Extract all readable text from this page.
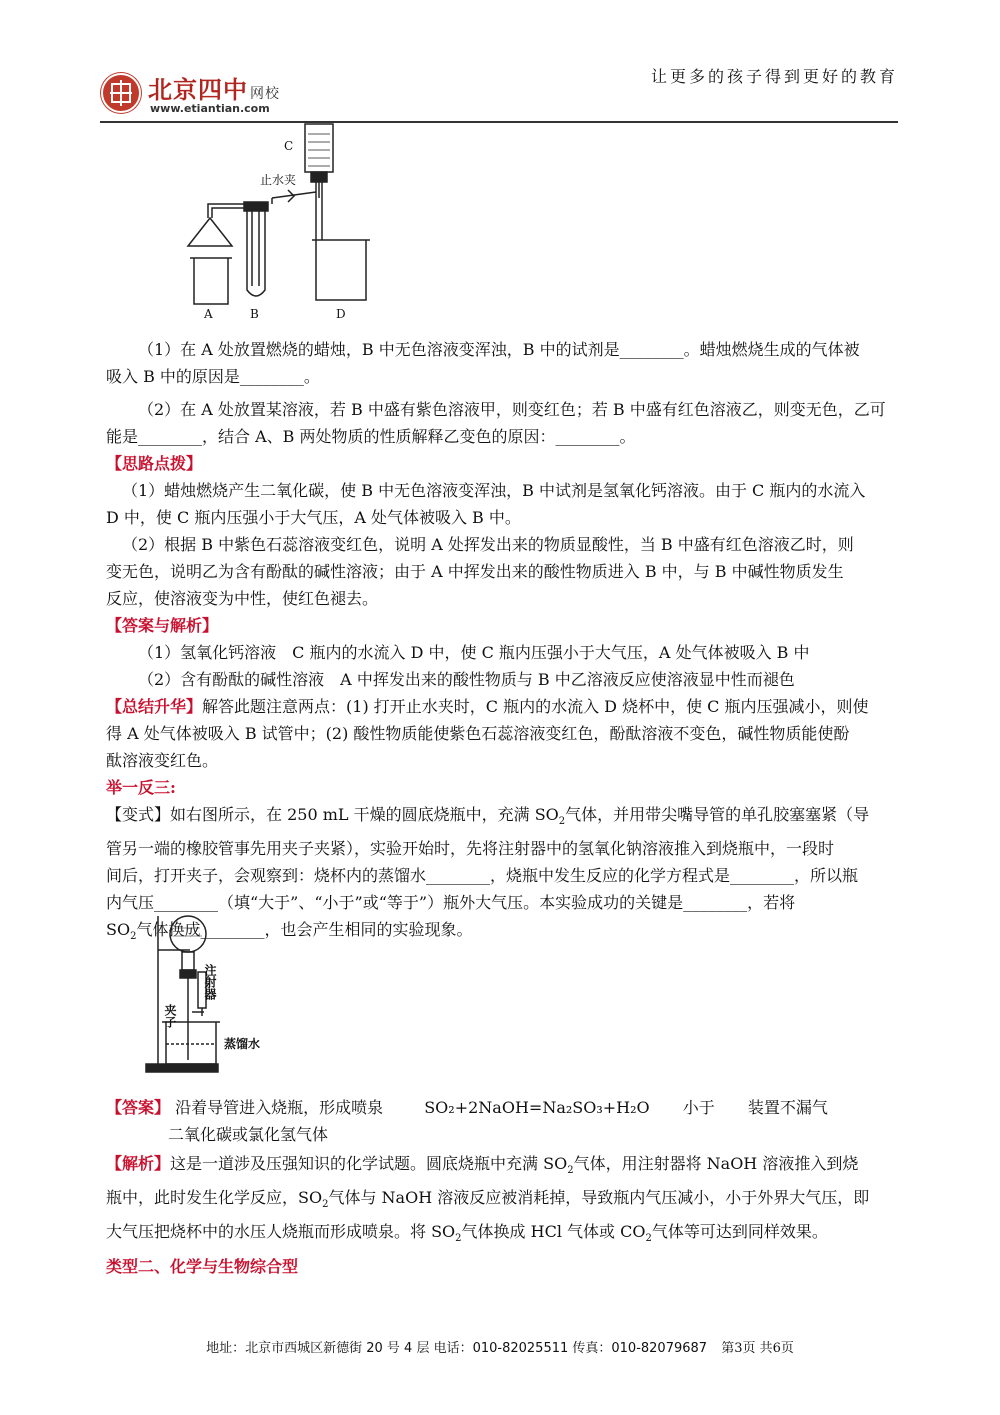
北京四中 网校
www.etiantian.com
让更多的孩子得到更好的教育
C
止水夹
A	B	D
（1）在 A 处放置燃烧的蜡烛，B 中无色溶液变浑浊，B 中的试剂是________。蜡烛燃烧生成的气体被
吸入 B 中的原因是________。
（2）在 A 处放置某溶液，若 B 中盛有紫色溶液甲，则变红色；若 B 中盛有红色溶液乙，则变无色，乙可
能是________，结合 A、B 两处物质的性质解释乙变色的原因：________。
【思路点拨】
（1）蜡烛燃烧产生二氧化碳，使 B 中无色溶液变浑浊，B 中试剂是氢氧化钙溶液。由于 C 瓶内的水流入
D 中，使 C 瓶内压强小于大气压，A 处气体被吸入 B 中。
（2）根据 B 中紫色石蕊溶液变红色，说明 A 处挥发出来的物质显酸性，当 B 中盛有红色溶液乙时，则
变无色，说明乙为含有酚酞的碱性溶液；由于 A 中挥发出来的酸性物质进入 B 中，与 B 中碱性物质发生
反应，使溶液变为中性，使红色褪去。
【答案与解析】
（1）氢氧化钙溶液　C 瓶内的水流入 D 中，使 C 瓶内压强小于大气压，A 处气体被吸入 B 中
（2）含有酚酞的碱性溶液　A 中挥发出来的酸性物质与 B 中乙溶液反应使溶液显中性而褪色
【总结升华】解答此题注意两点：(1) 打开止水夹时，C 瓶内的水流入 D 烧杯中，使 C 瓶内压强减小，则使
得 A 处气体被吸入 B 试管中；(2) 酸性物质能使紫色石蕊溶液变红色，酚酞溶液不变色，碱性物质能使酚
酞溶液变红色。
举一反三:
【变式】如右图所示，在 250 mL 干燥的圆底烧瓶中，充满 $SO_2$气体，并用带尖嘴导管的单孔胶塞塞紧（导
管另一端的橡胶管事先用夹子夹紧），实验开始时，先将注射器中的氢氧化钠溶液推入到烧瓶中，一段时
间后，打开夹子，会观察到：烧杯内的蒸馏水________，烧瓶中发生反应的化学方程式是________，所以瓶
内气压________（填“大于”、“小于”或“等于”）瓶外大气压。本实验成功的关键是________，若将
$SO_2$气体换成________，也会产生相同的实验现象。
注射器
夹子
蒸馏水
【答案】 沿着导管进入烧瓶，形成喷泉	SO₂+2NaOH=Na₂SO₃+H₂O 小于 装置不漏气
二氧化碳或氯化氢气体
【解析】这是一道涉及压强知识的化学试题。圆底烧瓶中充满 $SO_2$气体，用注射器将 NaOH 溶液推入到烧
瓶中，此时发生化学反应，$SO_2$气体与 NaOH 溶液反应被消耗掉，导致瓶内气压减小，小于外界大气压，即
大气压把烧杯中的水压人烧瓶而形成喷泉。将 $SO_2$气体换成 HCl 气体或 $CO_2$气体等可达到同样效果。
类型二、化学与生物综合型
地址：北京市西城区新德街 20 号 4 层 电话：010-82025511 传真：010-82079687 第3页 共6页
